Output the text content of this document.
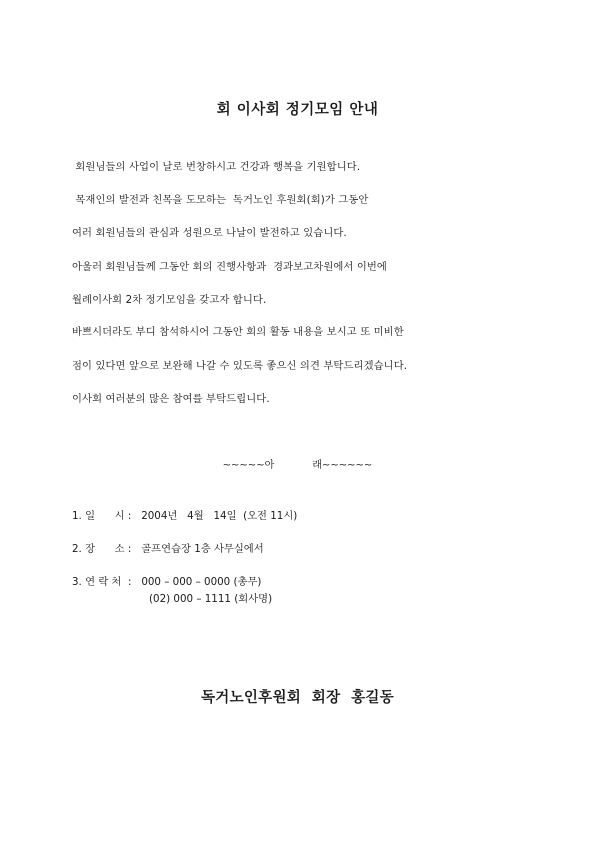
회 이사회 정기모임 안내
회원님들의 사업이 날로 번창하시고 건강과 행복을 기원합니다.
목재인의 발전과 친목을 도모하는  독거노인 후원회(회)가 그동안
여러 회원님들의 관심과 성원으로 나날이 발전하고 있습니다.
아울러 회원님들께 그동안 회의 진행사항과  경과보고차원에서 이번에
월례이사회 2차 정기모임을 갖고자 합니다.
바쁘시더라도 부디 참석하시어 그동안 회의 활동 내용을 보시고 또 미비한
점이 있다면 앞으로 보완해 나갈 수 있도록 좋으신 의견 부탁드리겠습니다.
이사회 여러분의 많은 참여를 부탁드립니다.
~~~~~아            래~~~~~~
1. 일      시 :   2004년   4월   14일  (오전 11시)
2. 장      소 :   골프연습장 1층 사무실에서
3. 연 락 처  :   000 – 000 – 0000 (총무)
(02) 000 – 1111 (회사명)
독거노인후원회  회장  홍길동
